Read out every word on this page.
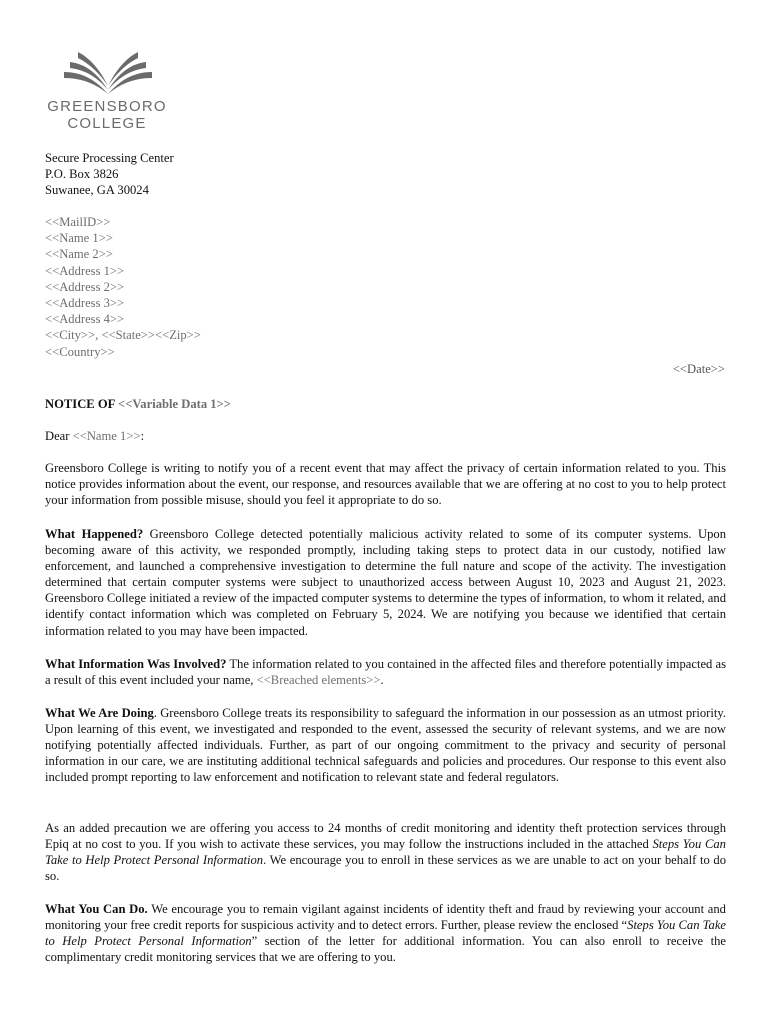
GREENSBORO
COLLEGE
Secure Processing Center
P.O. Box 3826
Suwanee, GA 30024
<<MailID>>
<<Name 1>>
<<Name 2>>
<<Address 1>>
<<Address 2>>
<<Address 3>>
<<Address 4>>
<<City>>, <<State>><<Zip>>
<<Country>>
<<Date>>
NOTICE OF <<Variable Data 1>>
Dear <<Name 1>>:
Greensboro College is writing to notify you of a recent event that may affect the privacy of certain information related to you. This notice provides information about the event, our response, and resources available that we are offering at no cost to you to help protect your information from possible misuse, should you feel it appropriate to do so.
What Happened? Greensboro College detected potentially malicious activity related to some of its computer systems. Upon becoming aware of this activity, we responded promptly, including taking steps to protect data in our custody, notified law enforcement, and launched a comprehensive investigation to determine the full nature and scope of the activity. The investigation determined that certain computer systems were subject to unauthorized access between August 10, 2023 and August 21, 2023. Greensboro College initiated a review of the impacted computer systems to determine the types of information, to whom it related, and identify contact information which was completed on February 5, 2024. We are notifying you because we identified that certain information related to you may have been impacted.
What Information Was Involved? The information related to you contained in the affected files and therefore potentially impacted as a result of this event included your name, <<Breached elements>>.
What We Are Doing. Greensboro College treats its responsibility to safeguard the information in our possession as an utmost priority. Upon learning of this event, we investigated and responded to the event, assessed the security of relevant systems, and we are now notifying potentially affected individuals. Further, as part of our ongoing commitment to the privacy and security of personal information in our care, we are instituting additional technical safeguards and policies and procedures. Our response to this event also included prompt reporting to law enforcement and notification to relevant state and federal regulators.
As an added precaution we are offering you access to 24 months of credit monitoring and identity theft protection services through Epiq at no cost to you. If you wish to activate these services, you may follow the instructions included in the attached Steps You Can Take to Help Protect Personal Information. We encourage you to enroll in these services as we are unable to act on your behalf to do so.
What You Can Do. We encourage you to remain vigilant against incidents of identity theft and fraud by reviewing your account and monitoring your free credit reports for suspicious activity and to detect errors. Further, please review the enclosed “Steps You Can Take to Help Protect Personal Information” section of the letter for additional information. You can also enroll to receive the complimentary credit monitoring services that we are offering to you.
